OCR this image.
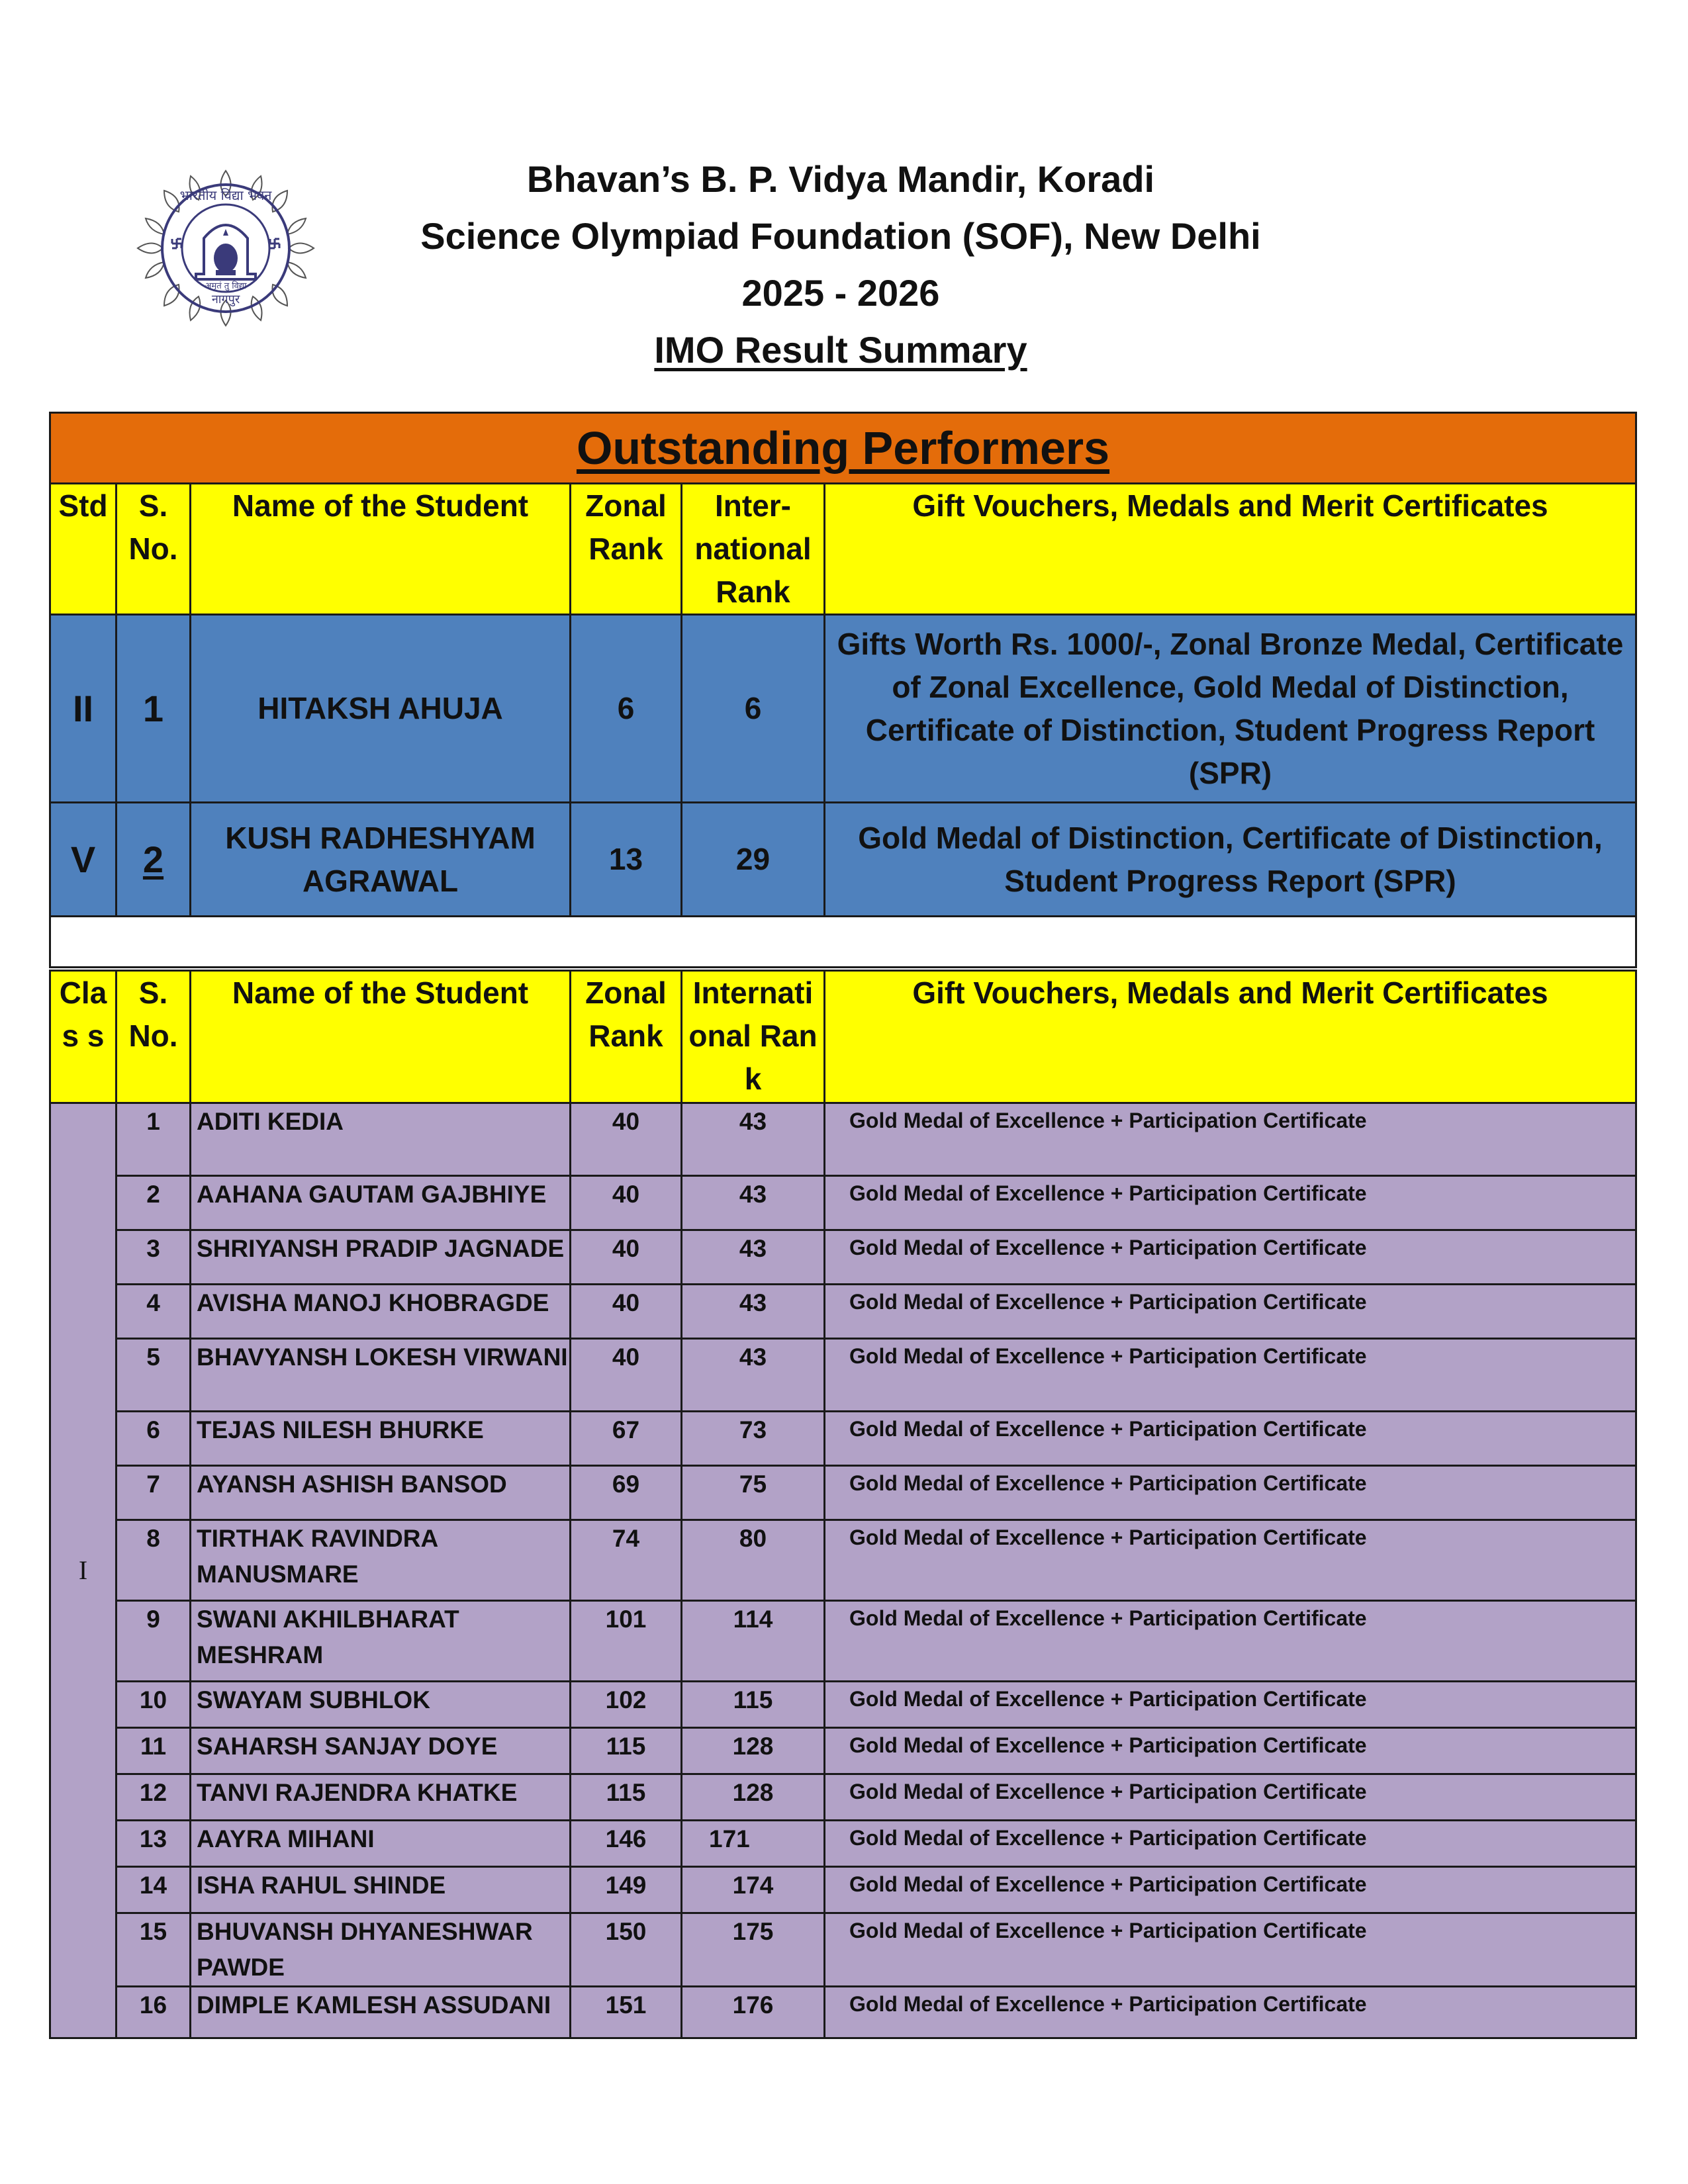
भारतीय विद्या भवन
नागपुर
अमृतं तु विद्या
Bhavan’s B. P. Vidya Mandir, Koradi
Science Olympiad Foundation (SOF), New Delhi
2025 - 2026
IMO Result Summary
Outstanding Performers					
Std	S. No.	Name of the Student	Zonal Rank	Inter-national Rank	Gift Vouchers, Medals and Merit Certificates
II	1	HITAKSH AHUJA	6	6	Gifts Worth Rs. 1000/-, Zonal Bronze Medal, Certificate of Zonal Excellence, Gold Medal of Distinction, Certificate of Distinction, Student Progress Report (SPR)
V	2	KUSH RADHESHYAM AGRAWAL	13	29	Gold Medal of Distinction, Certificate of Distinction, Student Progress Report (SPR)

Clas s	S. No.	Name of the Student	Zonal Rank	Internati onal Rank	Gift Vouchers, Medals and Merit Certificates
I	1	ADITI KEDIA	40	43	Gold Medal of Excellence + Participation Certificate
	2	AAHANA GAUTAM GAJBHIYE	40	43	Gold Medal of Excellence + Participation Certificate
	3	SHRIYANSH PRADIP JAGNADE	40	43	Gold Medal of Excellence + Participation Certificate
	4	AVISHA MANOJ KHOBRAGDE	40	43	Gold Medal of Excellence + Participation Certificate
	5	BHAVYANSH LOKESH VIRWANI	40	43	Gold Medal of Excellence + Participation Certificate
	6	TEJAS NILESH BHURKE	67	73	Gold Medal of Excellence + Participation Certificate
	7	AYANSH ASHISH BANSOD	69	75	Gold Medal of Excellence + Participation Certificate
	8	TIRTHAK RAVINDRA MANUSMARE	74	80	Gold Medal of Excellence + Participation Certificate
	9	SWANI AKHILBHARAT MESHRAM	101	114	Gold Medal of Excellence + Participation Certificate
	10	SWAYAM SUBHLOK	102	115	Gold Medal of Excellence + Participation Certificate
	11	SAHARSH SANJAY DOYE	115	128	Gold Medal of Excellence + Participation Certificate
	12	TANVI RAJENDRA KHATKE	115	128	Gold Medal of Excellence + Participation Certificate
	13	AAYRA MIHANI	146	171	Gold Medal of Excellence + Participation Certificate
	14	ISHA RAHUL SHINDE	149	174	Gold Medal of Excellence + Participation Certificate
	15	BHUVANSH DHYANESHWAR PAWDE	150	175	Gold Medal of Excellence + Participation Certificate
	16	DIMPLE KAMLESH ASSUDANI	151	176	Gold Medal of Excellence + Participation Certificate
